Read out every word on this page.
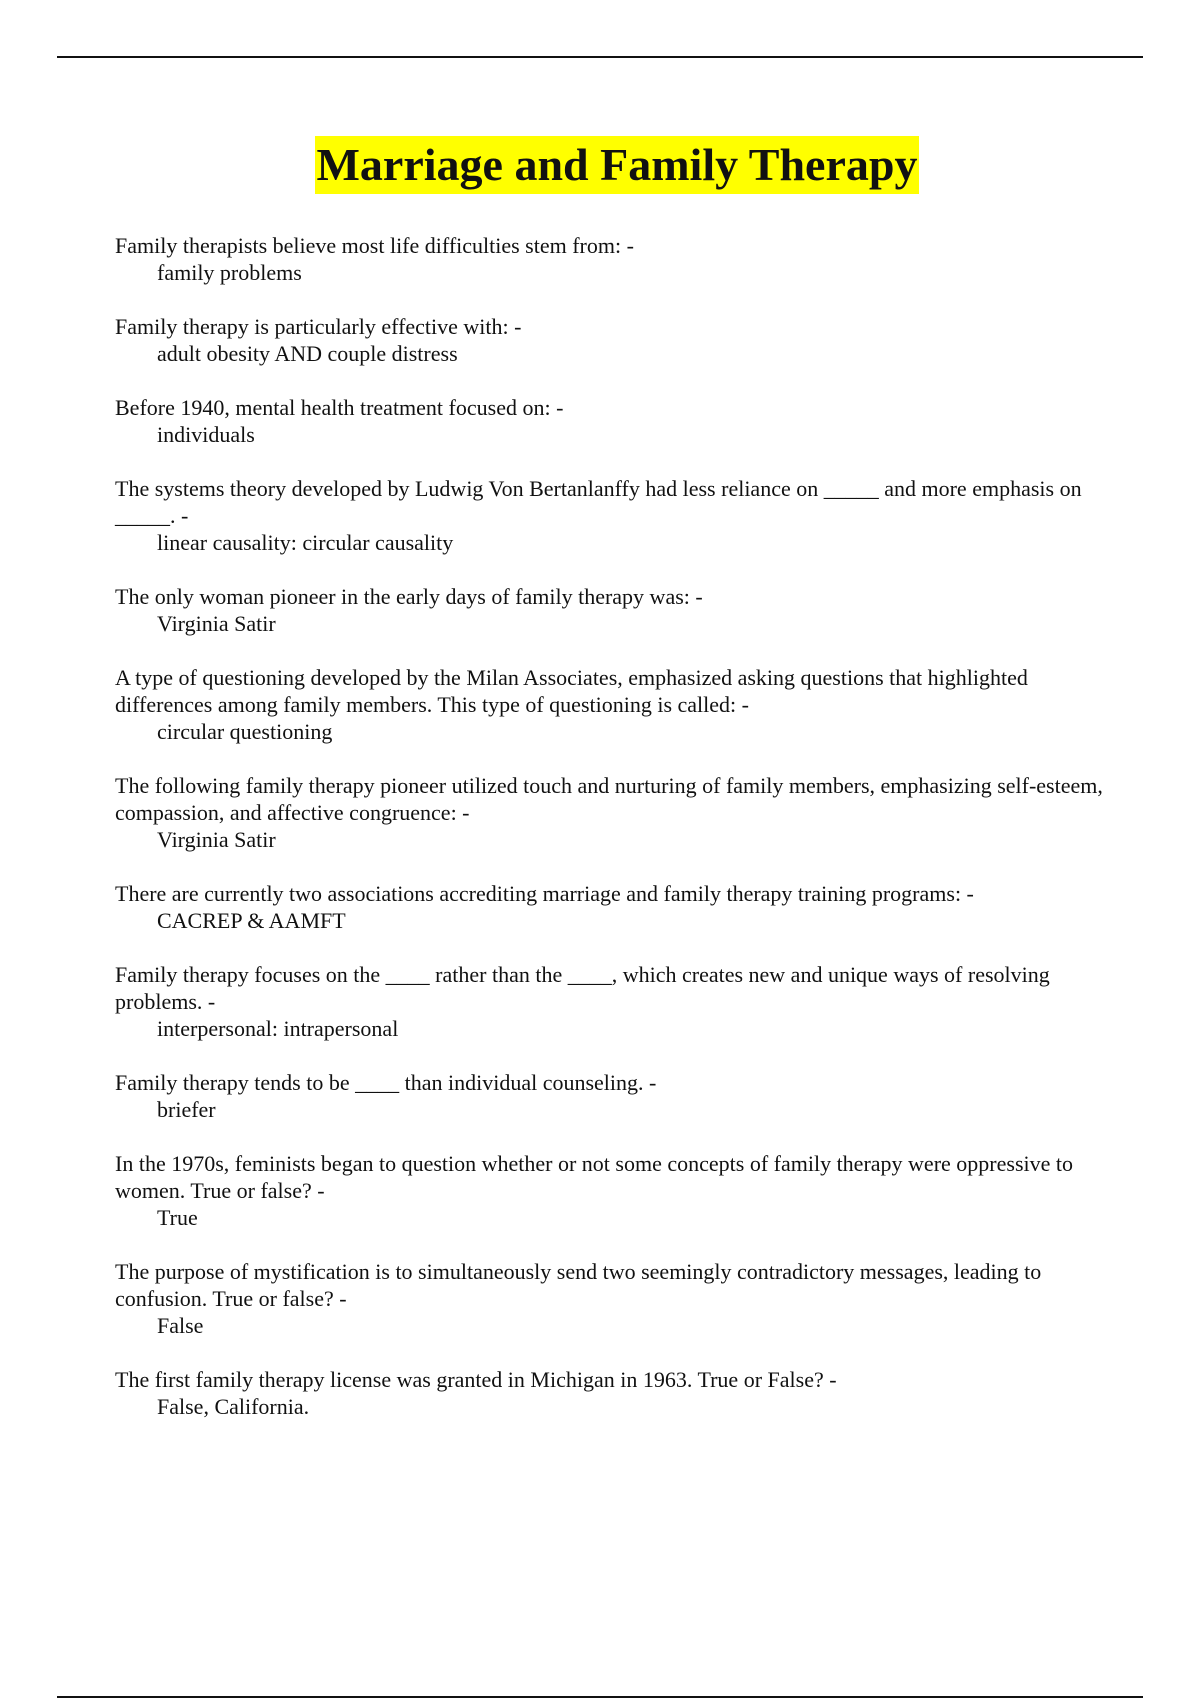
Marriage and Family Therapy

Family therapists believe most life difficulties stem from: -

family problems

Family therapy is particularly effective with: -

adult obesity AND couple distress

Before 1940, mental health treatment focused on: -

individuals

The systems theory developed by Ludwig Von Bertanlanffy had less reliance on _____ and more emphasis on _____. -

linear causality: circular causality

The only woman pioneer in the early days of family therapy was: -

Virginia Satir

A type of questioning developed by the Milan Associates, emphasized asking questions that highlighted differences among family members. This type of questioning is called: -

circular questioning

The following family therapy pioneer utilized touch and nurturing of family members, emphasizing self-esteem, compassion, and affective congruence: -

Virginia Satir

There are currently two associations accrediting marriage and family therapy training programs: -

CACREP & AAMFT

Family therapy focuses on the ____ rather than the ____, which creates new and unique ways of resolving problems. -

interpersonal: intrapersonal

Family therapy tends to be ____ than individual counseling. -

briefer

In the 1970s, feminists began to question whether or not some concepts of family therapy were oppressive to women. True or false? -

True

The purpose of mystification is to simultaneously send two seemingly contradictory messages, leading to confusion. True or false? -

False

The first family therapy license was granted in Michigan in 1963. True or False? -

False, California.
